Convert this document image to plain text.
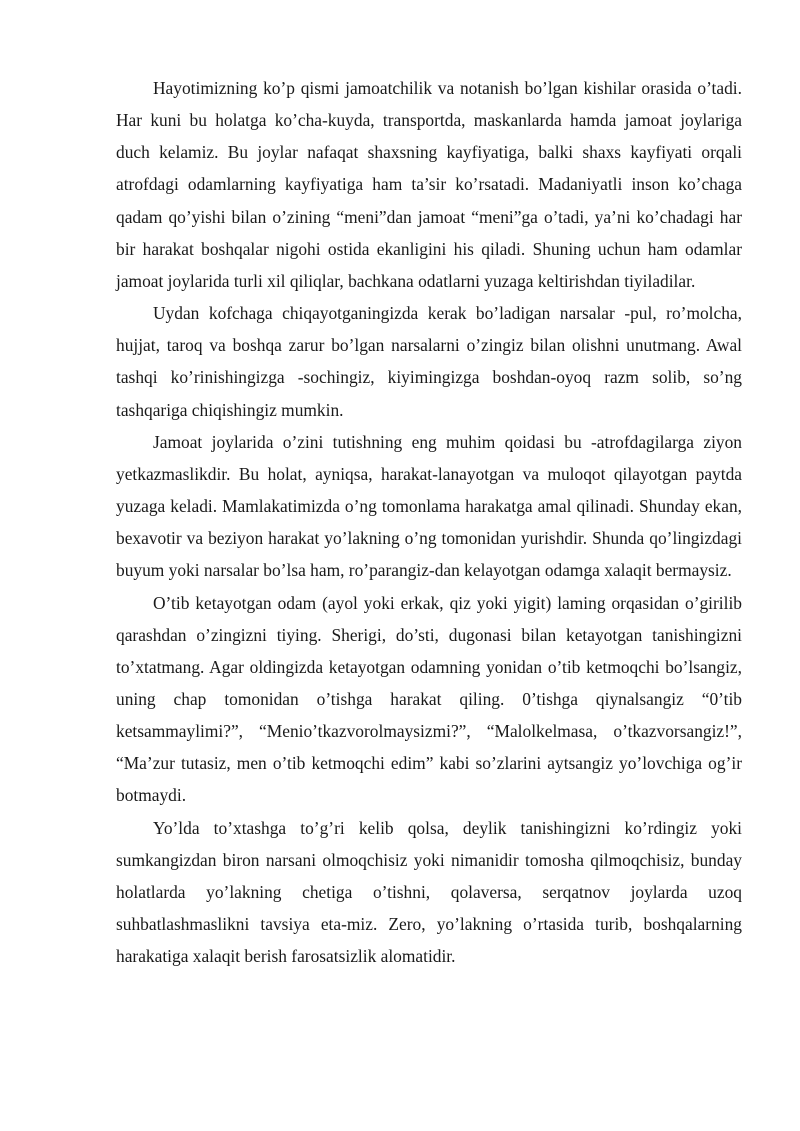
Hayotimizning ko’p qismi jamoatchilik va notanish bo’lgan kishilar orasida o’tadi. Har kuni bu holatga ko’cha-kuyda, transportda, maskanlarda hamda jamoat joylariga duch kelamiz. Bu joylar nafaqat shaxsning kayfiyatiga, balki shaxs kayfiyati orqali atrofdagi odamlarning kayfiyatiga ham ta’sir ko’rsatadi. Madaniyatli inson ko’chaga qadam qo’yishi bilan o’zining “meni”dan jamoat “meni”ga o’tadi, ya’ni ko’chadagi har bir harakat boshqalar nigohi ostida ekanligini his qiladi. Shuning uchun ham odamlar jamoat joylarida turli xil qiliqlar, bachkana odatlarni yuzaga keltirishdan tiyiladilar.

Uydan kofchaga chiqayotganingizda kerak bo’ladigan narsalar -pul, ro’molcha, hujjat, taroq va boshqa zarur bo’lgan narsalarni o’zingiz bilan olishni unutmang. Awal tashqi ko’rinishingizga -sochingiz, kiyimingizga boshdan-oyoq razm solib, so’ng tashqariga chiqishingiz mumkin.

Jamoat joylarida o’zini tutishning eng muhim qoidasi bu -atrofdagilarga ziyon yetkazmaslikdir. Bu holat, ayniqsa, harakat-lanayotgan va muloqot qilayotgan paytda yuzaga keladi. Mamlakatimizda o’ng tomonlama harakatga amal qilinadi. Shunday ekan, bexavotir va beziyon harakat yo’lakning o’ng tomonidan yurishdir. Shunda qo’lingizdagi buyum yoki narsalar bo’lsa ham, ro’parangiz-dan kelayotgan odamga xalaqit bermaysiz.

O’tib ketayotgan odam (ayol yoki erkak, qiz yoki yigit) laming orqasidan o’girilib qarashdan o’zingizni tiying. Sherigi, do’sti, dugonasi bilan ketayotgan tanishingizni to’xtatmang. Agar oldingizda ketayotgan odamning yonidan o’tib ketmoqchi bo’lsangiz, uning chap tomonidan o’tishga harakat qiling. 0’tishga qiynalsangiz “0’tib ketsammaylimi?”, “Menio’tkazvorolmaysizmi?”, “Malolkelmasa, o’tkazvorsangiz!”, “Ma’zur tutasiz, men o’tib ketmoqchi edim” kabi so’zlarini aytsangiz yo’lovchiga og’ir botmaydi.

Yo’lda to’xtashga to’g’ri kelib qolsa, deylik tanishingizni ko’rdingiz yoki sumkangizdan biron narsani olmoqchisiz yoki nimanidir tomosha qilmoqchisiz, bunday holatlarda yo’lakning chetiga o’tishni, qolaversa, serqatnov joylarda uzoq suhbatlashmaslikni tavsiya eta-miz. Zero, yo’lakning o’rtasida turib, boshqalarning harakatiga xalaqit berish farosatsizlik alomatidir.
